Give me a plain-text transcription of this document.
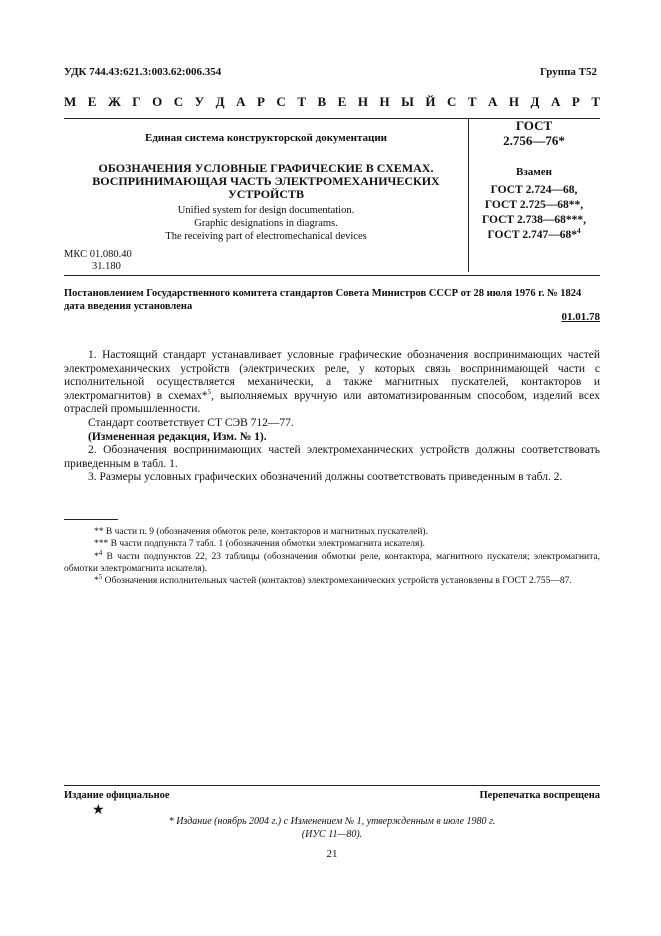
УДК 744.43:621.3:003.62:006.354	Группа Т52
М Е Ж Г О С У Д А Р С Т В Е Н Н Ы Й С Т А Н Д А Р Т
Единая система конструкторской документации
ОБОЗНАЧЕНИЯ УСЛОВНЫЕ ГРАФИЧЕСКИЕ В СХЕМАХ.
ВОСПРИНИМАЮЩАЯ ЧАСТЬ ЭЛЕКТРОМЕХАНИЧЕСКИХ
УСТРОЙСТВ
Unified system for design documentation.
Graphic designations in diagrams.
The receiving part of electromechanical devices
ГОСТ
2.756—76*
Взамен
ГОСТ 2.724—68,
ГОСТ 2.725—68**,
ГОСТ 2.738—68***,
ГОСТ 2.747—68*$^4$
МКС 01.080.40
31.180
Постановлением Государственного комитета стандартов Совета Министров СССР от 28 июля 1976 г. № 1824 дата введения установлена
01.01.78

1. Настоящий стандарт устанавливает условные графические обозначения воспринимающих частей электромеханических устройств (электрических реле, у которых связь воспринимающей части с исполнительной осуществляется механически, а также магнитных пускателей, контакторов и электромагнитов) в схемах*$^5$, выполняемых вручную или автоматизированным способом, изделий всех отраслей промышленности.

Стандарт соответствует СТ СЭВ 712—77.

(Измененная редакция, Изм. № 1).

2. Обозначения воспринимающих частей электромеханических устройств должны соответствовать приведенным в табл. 1.

3. Размеры условных графических обозначений должны соответствовать приведенным в табл. 2.

** В части п. 9 (обозначения обмоток реле, контакторов и магнитных пускателей).

*** В части подпункта 7 табл. 1 (обозначения обмотки электромагнита искателя).

*$^4$ В части подпунктов 22, 23 таблицы (обозначения обмотки реле, контактора, магнитного пускателя; электромагнита, обмотки электромагнита искателя).

*$^5$ Обозначения исполнительных частей (контактов) электромеханических устройств установлены в ГОСТ 2.755—87.

Издание официальное	Перепечатка воспрещена
★
* Издание (ноябрь 2004 г.) с Изменением № 1, утвержденным в июле 1980 г.
(ИУС 11—80).
21
